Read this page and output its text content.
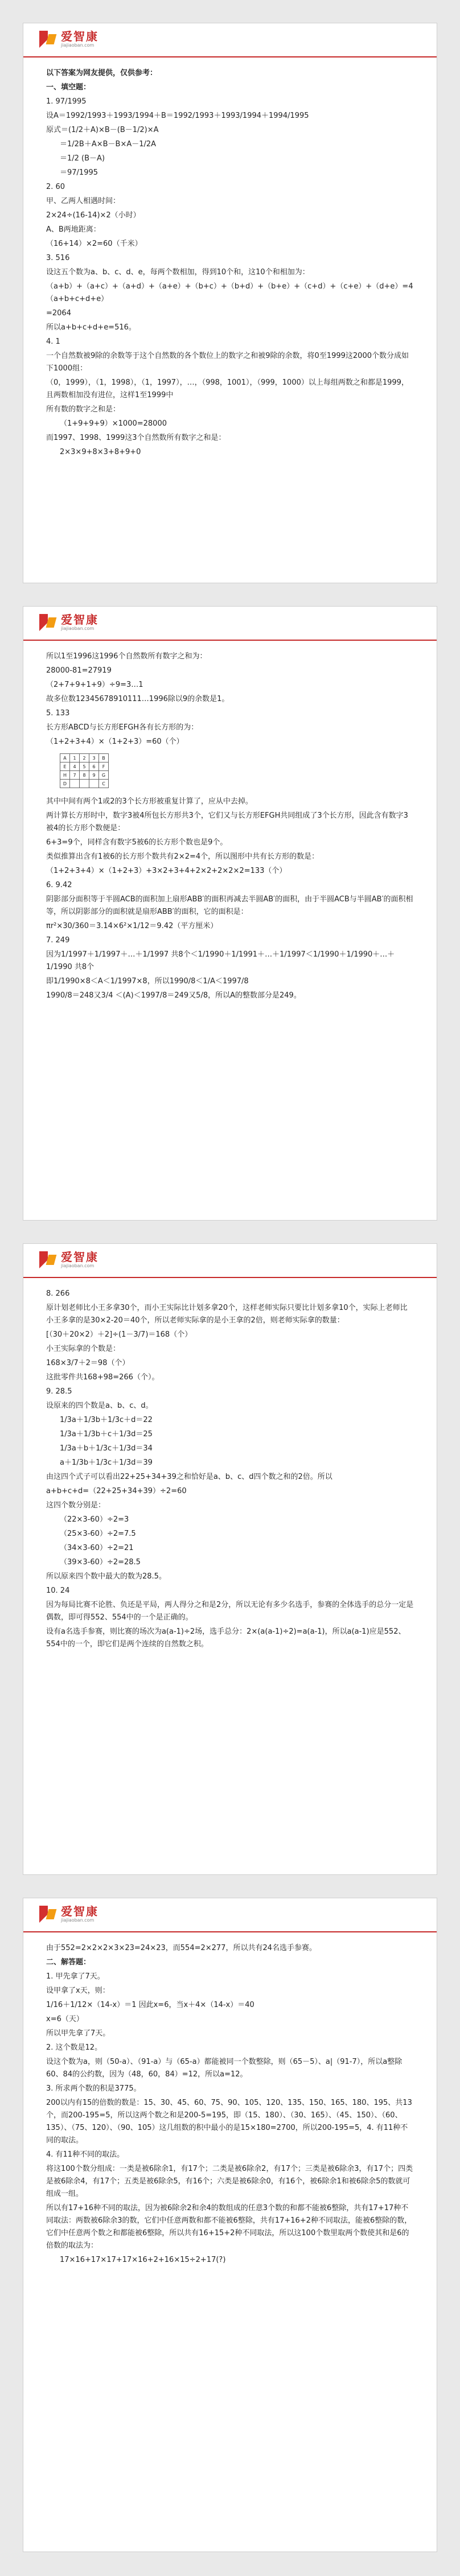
爱智康
jiajiaoban.com
以下答案为网友提供，仅供参考：
一、填空题：
1. 97/1995
设A＝1992/1993＋1993/1994＋B＝1992/1993＋1993/1994＋1994/1995
原式＝(1/2＋A)×B－(B－1/2)×A
＝1/2B＋A×B－B×A－1/2A
＝1/2 (B－A)
＝97/1995
2. 60
甲、乙两人相遇时间：
2×24÷(16-14)×2（小时）
A、B两地距离：
（16+14）×2=60（千米）
3. 516
设这五个数为a、b、c、d、e，每两个数相加，得到10个和，这10个和相加为：
（a+b）+（a+c）+（a+d）+（a+e）+（b+c）+（b+d）+（b+e）+（c+d）+（c+e）+（d+e）=4（a+b+c+d+e）
=2064
所以a+b+c+d+e=516。
4. 1
一个自然数被9除的余数等于这个自然数的各个数位上的数字之和被9除的余数，将0至1999这2000个数分成如下1000组：
（0，1999），（1，1998），（1，1997），…，（998，1001），（999，1000）以上每组两数之和都是1999，且两数相加没有进位，这样1至1999中
所有数的数字之和是：
（1+9+9+9）×1000=28000
而1997、1998、1999这3个自然数所有数字之和是：
2×3×9+8×3+8+9+0
爱智康
jiajiaoban.com
所以1至1996这1996个自然数所有数字之和为：
28000-81=27919
（2+7+9+1+9）÷9=3…1
故多位数12345678910111…1996除以9的余数是1。
5. 133
长方形ABCD与长方形EFGH各有长方形的为：
（1+2+3+4）×（1+2+3）=60（个）
A	1	2	3	B
E	4	5	6	F
H	7	8	9	G
D				C
其中中间有两个1或2的3个长方形被重复计算了，应从中去掉。
两计算长方形时中，数字3被4所包长方形共3个，它们又与长方形EFGH共同组成了3个长方形，因此含有数字3被4的长方形个数便是：
6+3=9个，同样含有数字5被6的长方形个数也是9个。
类似推算出含有1被6的长方形个数共有2×2=4个，所以图形中共有长方形的数是：
（1+2+3+4）×（1+2+3）+3×2+3+4+2×2+2×2×2=133（个）
6. 9.42
阴影部分面积等于半圆ACB的面积加上扇形ABB′的面积再减去半圆AB′的面积，由于半圆ACB与半圆AB′的面积相等，所以阴影部分的面积就是扇形ABB′的面积，它的面积是：
πr²×30/360＝3.14×6²×1/12＝9.42（平方厘米）
7. 249
因为1/1997＋1/1997＋…＋1/1997 共8个＜1/1990＋1/1991＋…＋1/1997＜1/1990＋1/1990＋…＋1/1990 共8个
即1/1990×8＜A＜1/1997×8，所以1990/8＜1/A＜1997/8
1990/8＝248又3/4 ＜(A)＜1997/8＝249又5/8，所以A的整数部分是249。
爱智康
jiajiaoban.com
8. 266
原计划老师比小王多拿30个，而小王实际比计划多拿20个，这样老师实际只要比计划多拿10个，实际上老师比小王多拿的是30×2-20＝40个，所以老师实际拿的是小王拿的2倍，则老师实际拿的数量：
[（30＋20×2）＋2]÷(1－3/7)＝168（个）
小王实际拿的个数是：
168×3/7＋2＝98（个）
这批零件共168+98=266（个）。
9. 28.5
设原来的四个数是a、b、c、d。
1/3a＋1/3b＋1/3c＋d＝22
1/3a＋1/3b＋c＋1/3d＝25
1/3a＋b＋1/3c＋1/3d＝34
a＋1/3b＋1/3c＋1/3d＝39
由这四个式子可以看出22+25+34+39之和恰好是a、b、c、d四个数之和的2倍。所以
a+b+c+d=（22+25+34+39）÷2=60
这四个数分别是：
（22×3-60）÷2=3
（25×3-60）÷2=7.5
（34×3-60）÷2=21
（39×3-60）÷2=28.5
所以原来四个数中最大的数为28.5。
10. 24
因为每局比赛不论胜、负还是平局，两人得分之和是2分，所以无论有多少名选手，参赛的全体选手的总分一定是偶数，即可得552、554中的一个是正确的。
设有a名选手参赛，则比赛的场次为a(a-1)÷2场，选手总分：2×(a(a-1)÷2)=a(a-1)，所以a(a-1)应是552、554中的一个，即它们是两个连续的自然数之积。
爱智康
jiajiaoban.com
由于552=2×2×2×3×23=24×23，而554=2×277，所以共有24名选手参赛。
二、解答题：
1. 甲先拿了7天。
设甲拿了x天，则：
1/16＋1/12×（14-x）＝1 因此x=6，当x＋4×（14-x）＝40
x=6（天）
所以甲先拿了7天。
2. 这个数是12。
设这个数为a，则（50-a）、（91-a）与（65-a）都能被同一个数整除，则（65－5）、a|（91-7），所以a整除60、84的公约数，因为（48，60，84）=12，所以a=12。
3. 所求两个数的积是3775。
200以内有15的倍数的数是：15、30、45、60、75、90、105、120、135、150、165、180、195、共13个，而200-195=5，所以这两个数之和是200-5=195，即（15、180）、（30、165）、（45、150）、（60、135）、（75、120）、（90、105）这几组数的积中最小的是15×180=2700，所以200-195=5，4. 有11种不同的取法。
4. 有11种不同的取法。
将这100个数分组成：一类是被6除余1，有17个；二类是被6除余2，有17个；三类是被6除余3，有17个；四类是被6除余4，有17个；五类是被6除余5，有16个；六类是被6除余0，有16个，被6除余1和被6除余5的数就可组成一组。
所以有17+16种不同的取法，因为被6除余2和余4的数组成的任意3个数的和都不能被6整除，共有17+17种不同取法：两数被6除余3的数，它们中任意两数和都不能被6整除，共有17+16+2种不同取法，能被6整除的数，它们中任意两个数之和都能被6整除，所以共有16+15+2种不同取法，所以这100个数里取两个数使其和是6的倍数的取法为：
17×16+17×17+17×16+2+16×15÷2+17(?)
